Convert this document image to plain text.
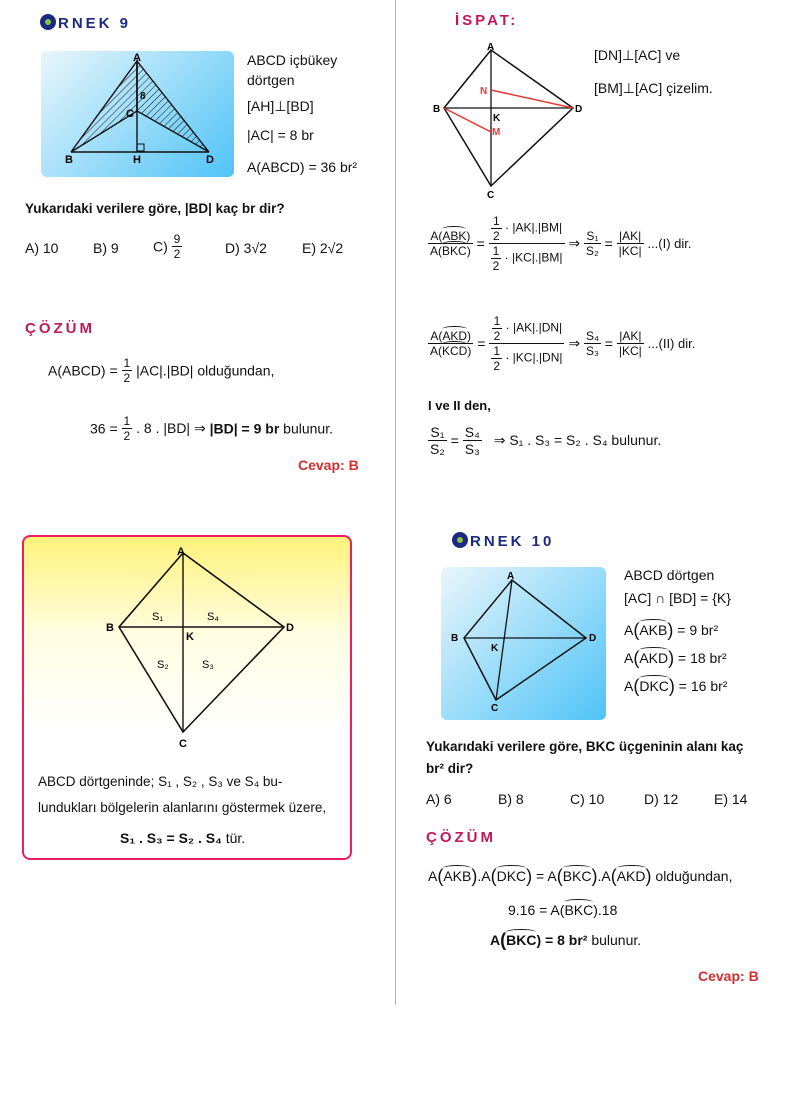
RNEK 9
A
B
C
D
H
8
ABCD içbükey
dörtgen
[AH]⊥[BD]
|AC| = 8 br
A(ABCD) = 36 br²
Yukarıdaki verilere göre, |BD| kaç br dir?
A) 10 B) 9 $C) \frac{9}{2}$	D) 3√2	E) 2√2
ÇÖZÜM
A(ABCD) = $\frac{1}{2} |AC|.|BD|$ olduğundan,
$36 = \frac{1}{2}$ . 8 . |BD| ⇒ |BD| = 9 br bulunur.
Cevap: B
A
B
C
D
K
S₁	S₄
S₂	S₃
ABCD dörtgeninde; S₁ , S₂ , S₃ ve S₄ bu-
lundukları bölgelerin alanlarını göstermek üzere,
S₁ . S₃ = S₂ . S₄ tür.
İSPAT:
A
B
C
D
K
N
M
[DN]⊥[AC] ve
[BM]⊥[AC] çizelim.
$\frac{\text{A(ABK)}}{\text{A(BKC)}} = \frac{\frac{1}{2} \cdot |AK|.|BM|}{\frac{1}{2} \cdot |KC|.|BM|}$ ⇒ $\frac{\text{S₁}}{\text{S₂}} = \frac{|AK|}{|KC|} ...(I)$ dir.
$\frac{\text{A(AKD)}}{\text{A(KCD)}} = \frac{\frac{1}{2} \cdot |AK|.|DN|}{\frac{1}{2} \cdot |KC|.|DN|}$ ⇒ $\frac{\text{S₄}}{\text{S₃}} = \frac{|AK|}{|KC|} ...(II)$ dir.
I ve II den,
$\frac{\text{S₁}}{\text{S₂}} = \frac{\text{S₄}}{\text{S₃}}$ ⇒ S₁ . S₃ = S₂ . S₄ bulunur.
RNEK 10
A
B
C
D
K
ABCD dörtgen
[AC] ∩ [BD] = {K}
A(AKB) = 9 br²
A(AKD) = 18 br²
A(DKC) = 16 br²
Yukarıdaki verilere göre, BKC üçgeninin alanı kaç
br² dir?
A) 6	B) 8	C) 10	D) 12	E) 14
ÇÖZÜM
A(AKB).A(DKC) = A(BKC).A(AKD) olduğundan,
9.16 = A(BKC).18
A(BKC) = 8 br² bulunur.
Cevap: B
